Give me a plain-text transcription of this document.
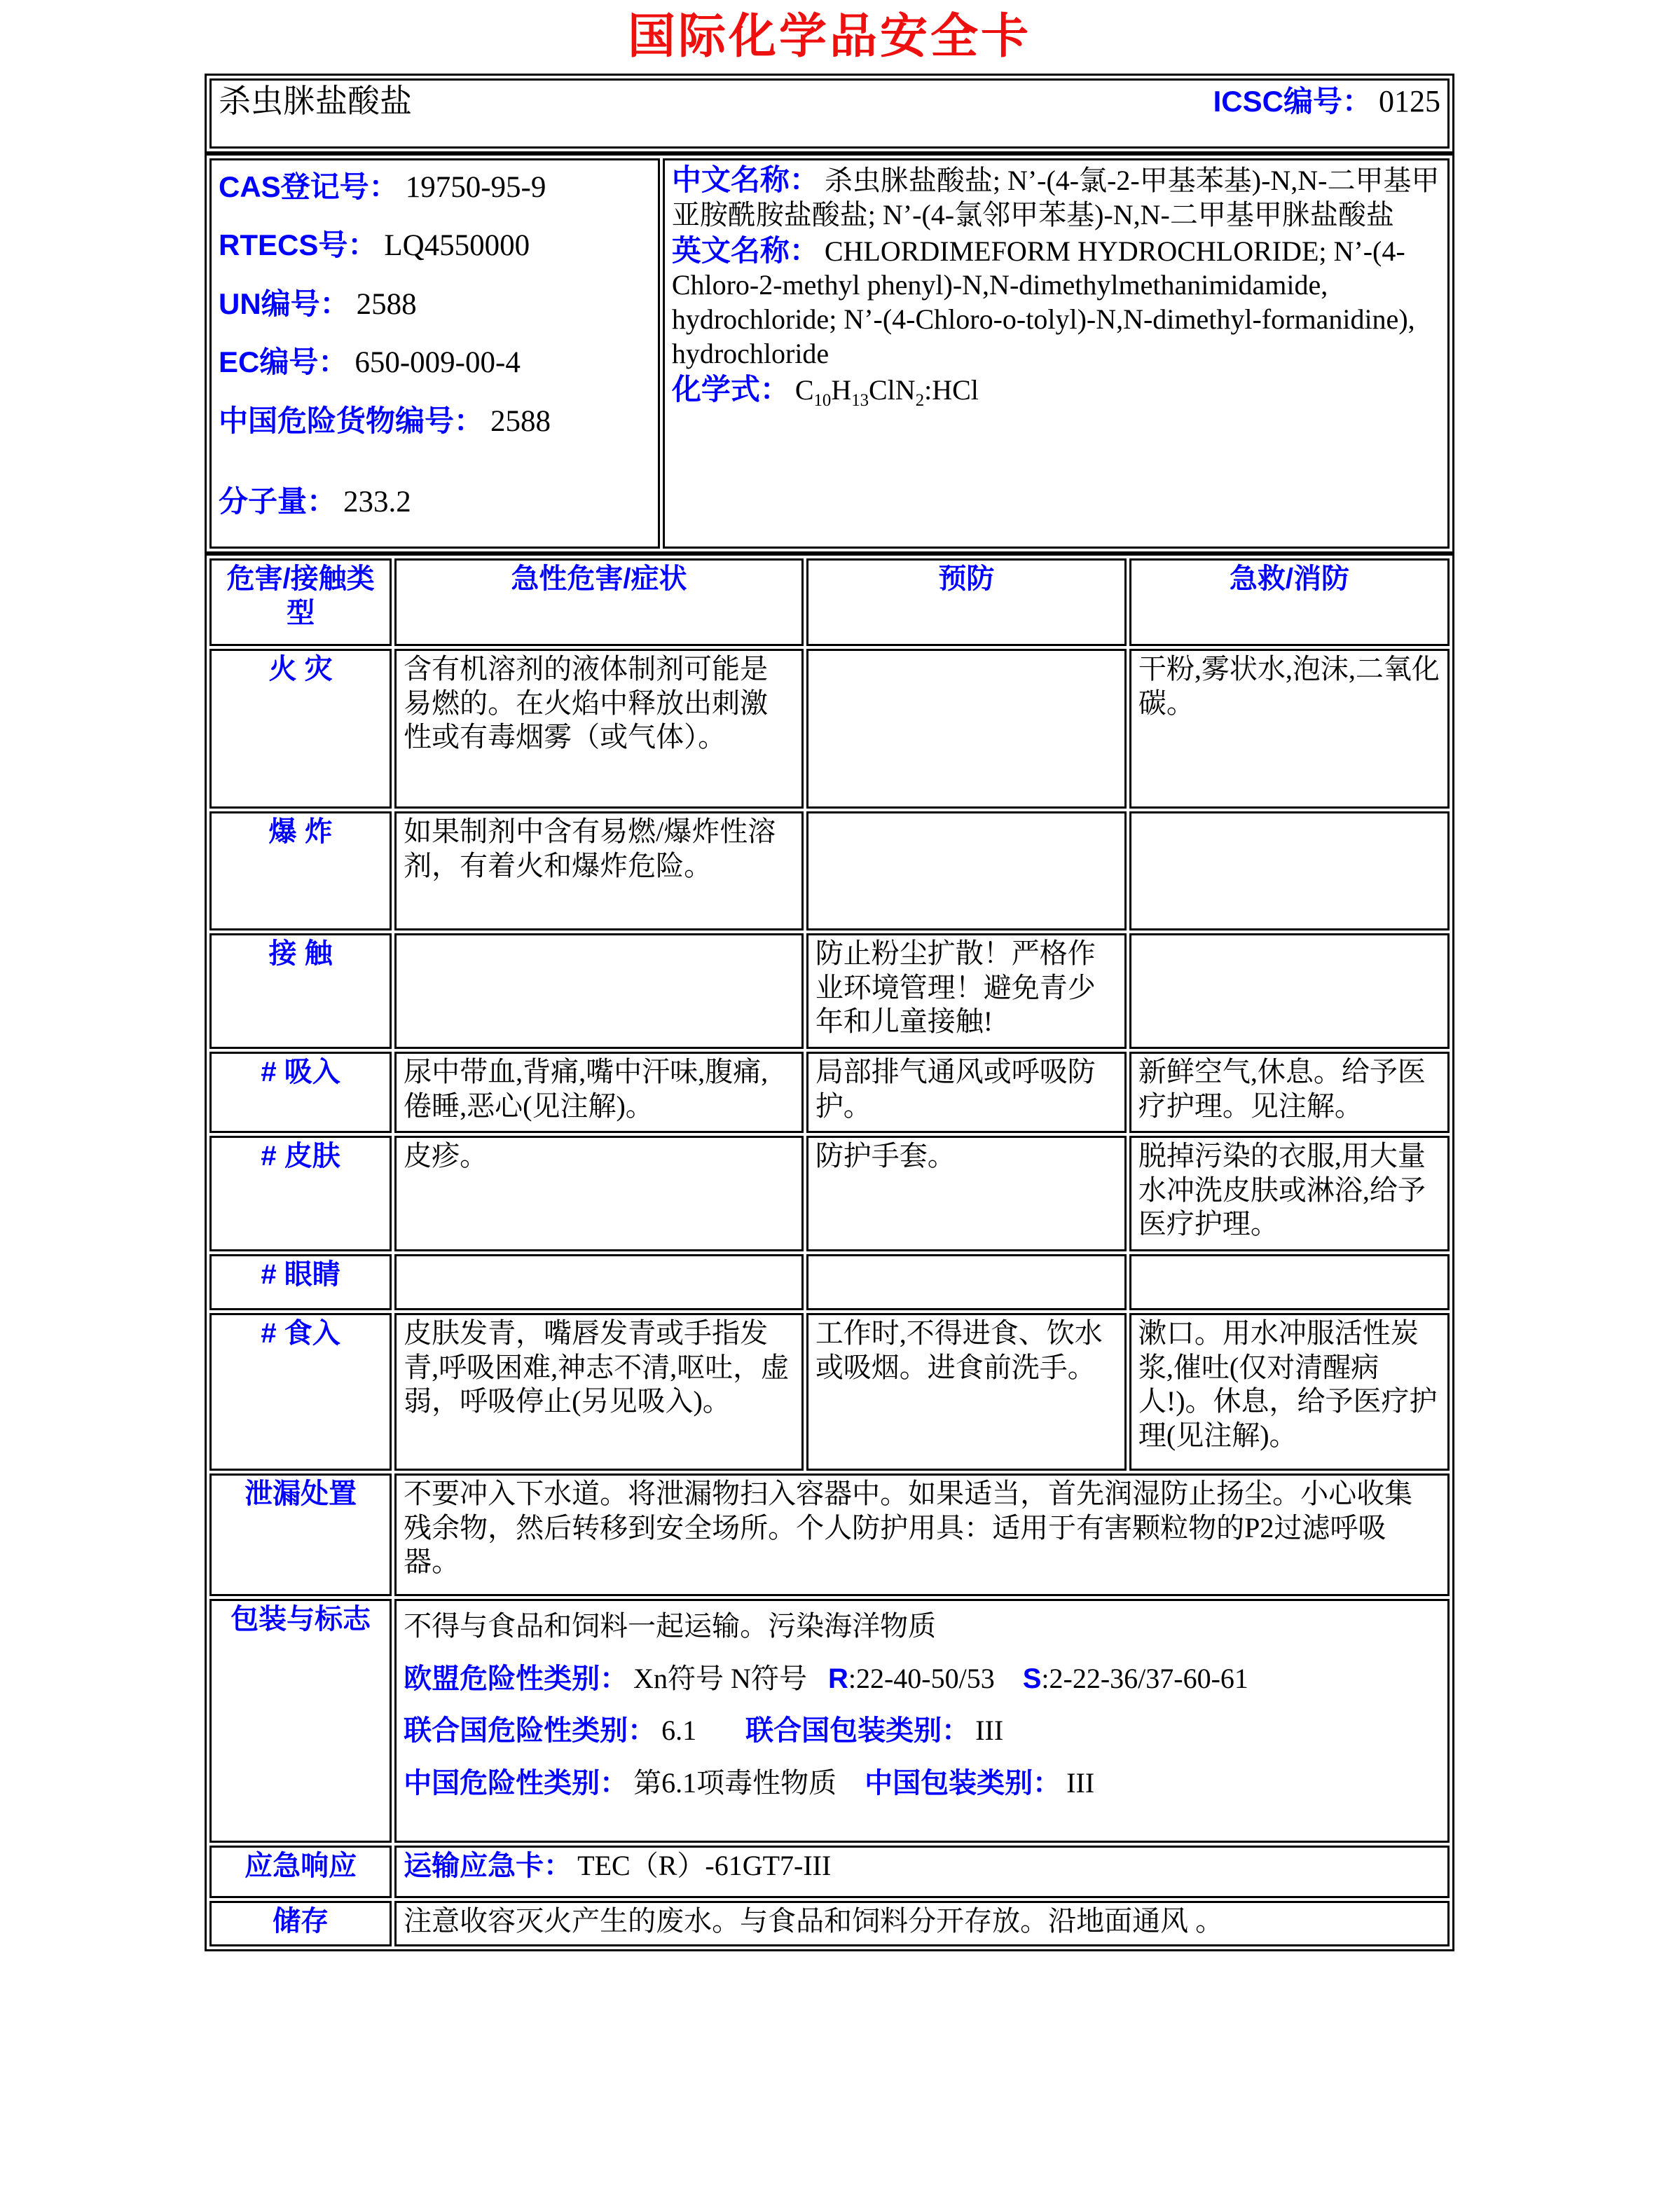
国际化学品安全卡
杀虫脒盐酸盐	ICSC编号： 0125
CAS登记号： 19750-95-9
RTECS号： LQ4550000
UN编号： 2588
EC编号： 650-009-00-4
中国危险货物编号： 2588
分子量： 233.2

中文名称： 杀虫脒盐酸盐; N’-(4-氯-2-甲基苯基)-N,N-二甲基甲亚胺酰胺盐酸盐; N’-(4-氯邻甲苯基)-N,N-二甲基甲脒盐酸盐
英文名称： CHLORDIMEFORM HYDROCHLORIDE; N’-(4-Chloro-2-methyl phenyl)-N,N-dimethylmethanimidamide, hydrochloride; N’-(4-Chloro-o-tolyl)-N,N-dimethyl-formanidine), hydrochloride
化学式： $C_{10}H_{13}ClN_2:HCl$
危害/接触类型	急性危害/症状	预防	急救/消防
火 灾	含有机溶剂的液体制剂可能是易燃的。在火焰中释放出刺激性或有毒烟雾（或气体）。		干粉,雾状水,泡沫,二氧化碳。
爆 炸	如果制剂中含有易燃/爆炸性溶剂，有着火和爆炸危险。		
接 触		防止粉尘扩散！严格作业环境管理！避免青少年和儿童接触!	
# 吸入	尿中带血,背痛,嘴中汗味,腹痛,倦睡,恶心(见注解)。	局部排气通风或呼吸防护。	新鲜空气,休息。给予医疗护理。见注解。
# 皮肤	皮疹。	防护手套。	脱掉污染的衣服,用大量水冲洗皮肤或淋浴,给予医疗护理。
# 眼睛			
# 食入	皮肤发青，嘴唇发青或手指发青,呼吸困难,神志不清,呕吐，虚弱，呼吸停止(另见吸入)。	工作时,不得进食、饮水或吸烟。进食前洗手。	漱口。用水冲服活性炭浆,催吐(仅对清醒病人!)。休息，给予医疗护理(见注解)。
泄漏处置	不要冲入下水道。将泄漏物扫入容器中。如果适当，首先润湿防止扬尘。小心收集残余物，然后转移到安全场所。个人防护用具：适用于有害颗粒物的P2过滤呼吸器。		
包装与标志	不得与食品和饲料一起运输。污染海洋物质
欧盟危险性类别： Xn符号 N符号 R:22-40-50/53 S:2-22-36/37-60-61
联合国危险性类别： 6.1 联合国包装类别： III
中国危险性类别： 第6.1项毒性物质 中国包装类别： III		

应急响应	运输应急卡： TEC（R）-61GT7-III		
储存	注意收容灭火产生的废水。与食品和饲料分开存放。沿地面通风 。		
